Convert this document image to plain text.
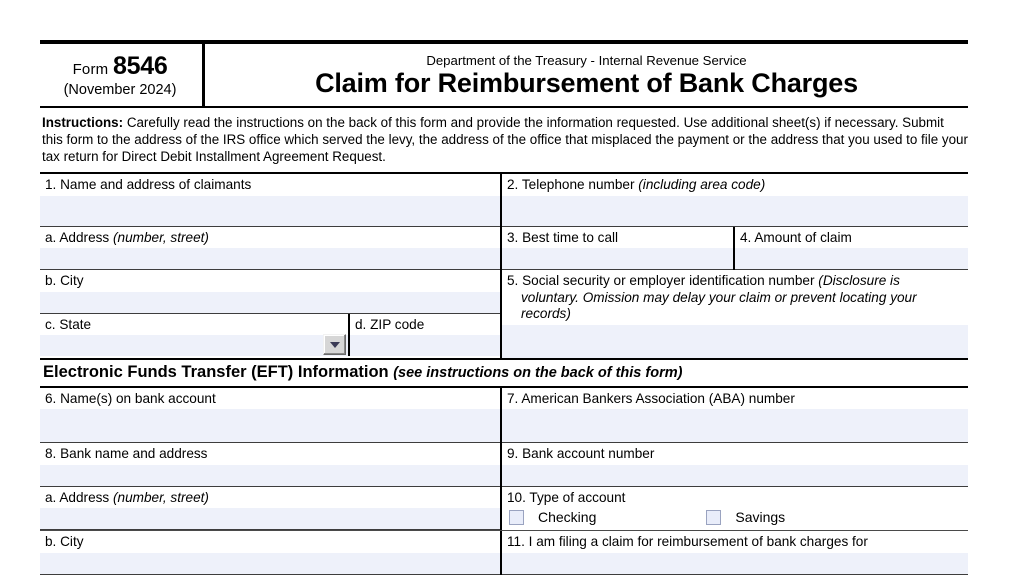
Form 8546
(November 2024)
Department of the Treasury - Internal Revenue Service
Claim for Reimbursement of Bank Charges
Instructions: Carefully read the instructions on the back of this form and provide the information requested. Use additional sheet(s) if necessary. Submit this form to the address of the IRS office which served the levy, the address of the office that misplaced the payment or the address that you used to file your tax return for Direct Debit Installment Agreement Request.
1. Name and address of claimants	2. Telephone number (including area code)
a. Address (number, street)	3. Best time to call	4. Amount of claim
b. City
c. State	d. ZIP code
5. Social security or employer identification number (Disclosure is
voluntary. Omission may delay your claim or prevent locating your
records)
Electronic Funds Transfer (EFT) Information (see instructions on the back of this form)
6. Name(s) on bank account	7. American Bankers Association (ABA) number
8. Bank name and address	9. Bank account number
a. Address (number, street)	10. Type of account
Checking	Savings
b. City	11. I am filing a claim for reimbursement of bank charges for
